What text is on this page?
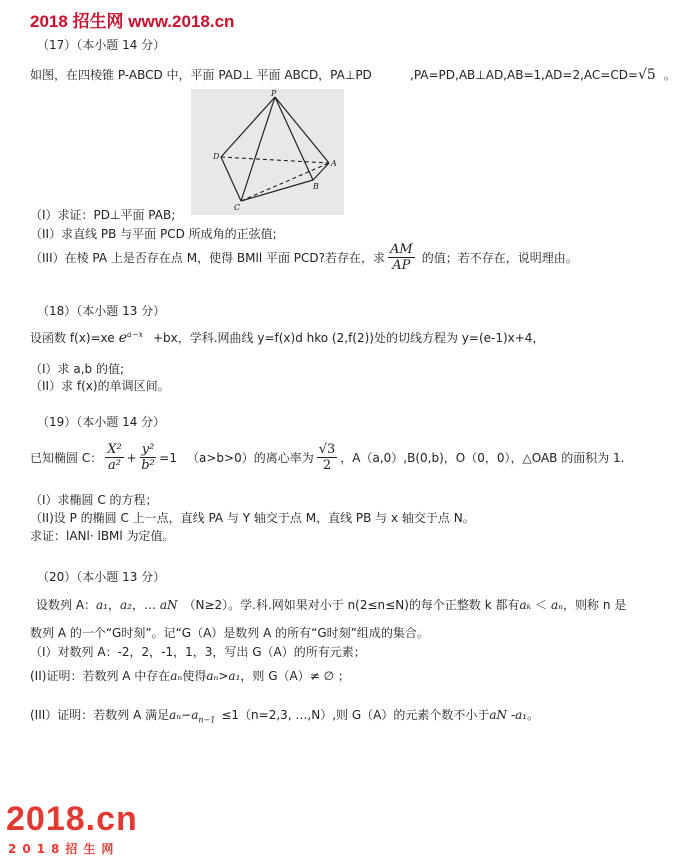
2018 招生网 www.2018.cn
（17）（本小题 14 分）
如图，在四棱锥 P-ABCD 中，平面 PAD⊥ 平面 ABCD，PA⊥PD	,PA=PD,AB⊥AD,AB=1,AD=2,AC=CD=√5 。
P
D
A
B
C
（I）求证：PD⊥平面 PAB;
（II）求直线 PB 与平面 PCD 所成角的正弦值;
（III）在棱 PA 上是否存在点 M，使得 BMll 平面 PCD?若存在，求 $\frac{AM}{AP}$ 的值；若不存在，说明理由。
（18）（本小题 13 分）
设函数 f(x)=xe $e^{a-x} +bx$，学科.网曲线 y=f(x)d hko (2,f(2))处的切线方程为 y=(e-1)x+4，
（I）求 a,b 的值;
（II）求 f(x)的单调区间。
（19）（本小题 14 分）
已知椭圆 C： $\frac{\text{X²}}{\text{a²}} + \frac{\text{y²}}{\text{b²}} =1$ （a>b>0）的离心率为 $\frac{√3}{2}$ ，A（a,0）,B(0,b)，O（0，0），△OAB 的面积为 1.
（I）求椭圆 C 的方程；
（II)设 P 的椭圆 C 上一点，直线 PA 与 Y 轴交于点 M，直线 PB 与 x 轴交于点 N。
求证：lANl· lBMl 为定值。
（20）（本小题 13 分）
设数列 A：a₁，a₂，… aN （N≥2）。学.科.网如果对小于 n(2≤n≤N)的每个正整数 k 都有aₖ ＜ aₙ，则称 n 是
数列 A 的一个“G时刻”。记“G（A）是数列 A 的所有“G时刻”组成的集合。
（I）对数列 A：-2，2，-1，1，3，写出 G（A）的所有元素；
(II)证明：若数列 A 中存在aₙ使得aₙ>a₁，则 G（A）≠ ∅ ；
(III）证明：若数列 A 满足$a_n-a_{n-1} \le 1(n=2,3$, …,N）,则 G（A）的元素个数不小于aN -a₁。
2018.cn
2018招生网
